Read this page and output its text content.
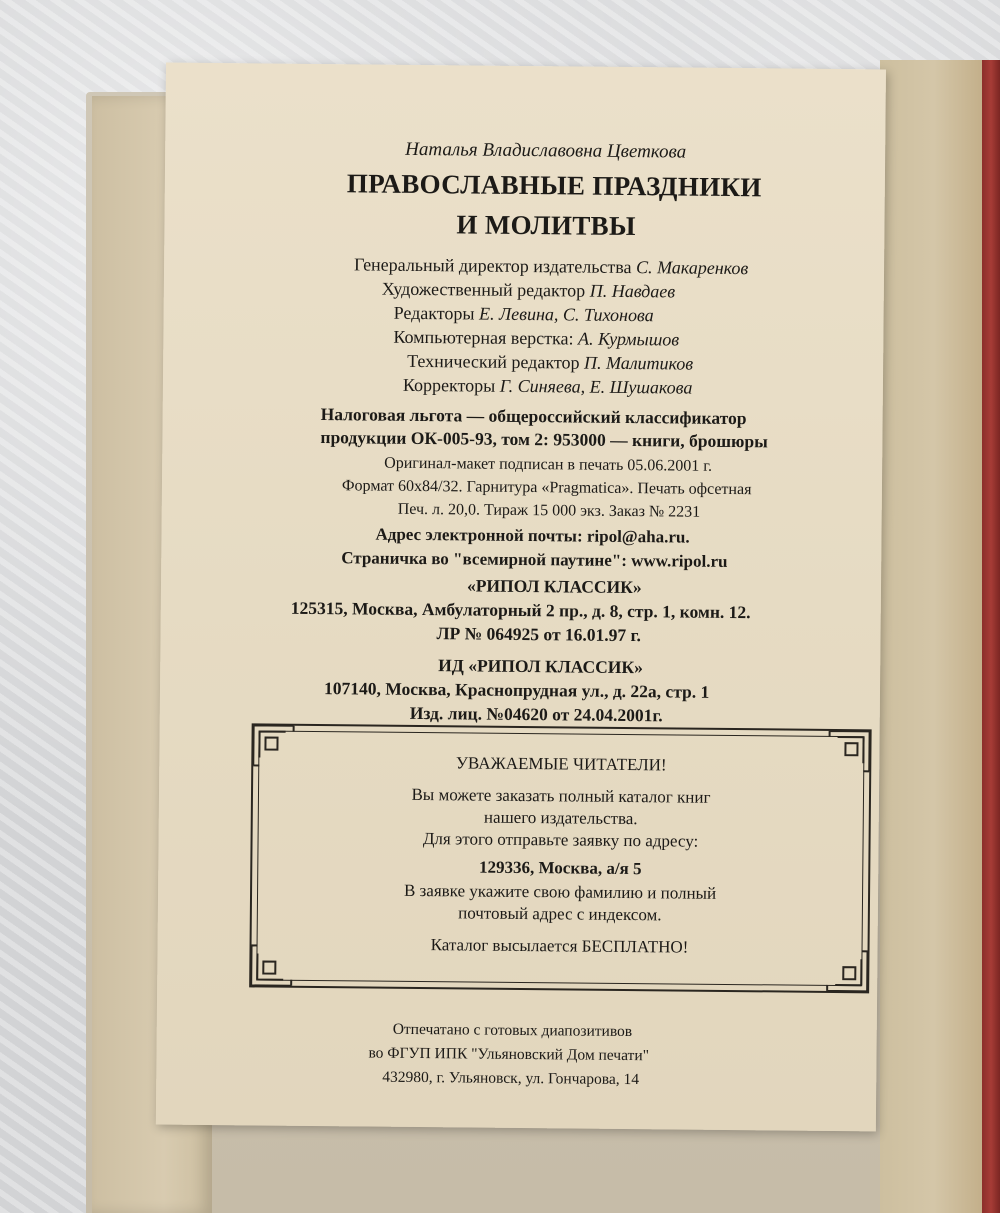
Наталья Владиславовна Цветкова
ПРАВОСЛАВНЫЕ ПРАЗДНИКИ
И МОЛИТВЫ
Генеральный директор издательства С. Макаренков
Художественный редактор П. Навдаев
Редакторы Е. Левина, С. Тихонова
Компьютерная верстка: А. Курмышов
Технический редактор П. Малитиков
Корректоры Г. Синяева, Е. Шушакова
Налоговая льгота — общероссийский классификатор
продукции ОК-005-93, том 2: 953000 — книги, брошюры
Оригинал-макет подписан в печать 05.06.2001 г.
Формат 60x84/32. Гарнитура «Pragmatica». Печать офсетная
Печ. л. 20,0. Тираж 15 000 экз. Заказ № 2231
Адрес электронной почты: ripol@aha.ru.
Страничка во "всемирной паутине": www.ripol.ru
«РИПОЛ КЛАССИК»
125315, Москва, Амбулаторный 2 пр., д. 8, стр. 1, комн. 12.
ЛР № 064925 от 16.01.97 г.
ИД «РИПОЛ КЛАССИК»
107140, Москва, Краснопрудная ул., д. 22а, стр. 1
Изд. лиц. №04620 от 24.04.2001г.
УВАЖАЕМЫЕ ЧИТАТЕЛИ!
Вы можете заказать полный каталог книг
нашего издательства.
Для этого отправьте заявку по адресу:
129336, Москва, а/я 5
В заявке укажите свою фамилию и полный
почтовый адрес с индексом.
Каталог высылается БЕСПЛАТНО!
Отпечатано с готовых диапозитивов
во ФГУП ИПК "Ульяновский Дом печати"
432980, г. Ульяновск, ул. Гончарова, 14
